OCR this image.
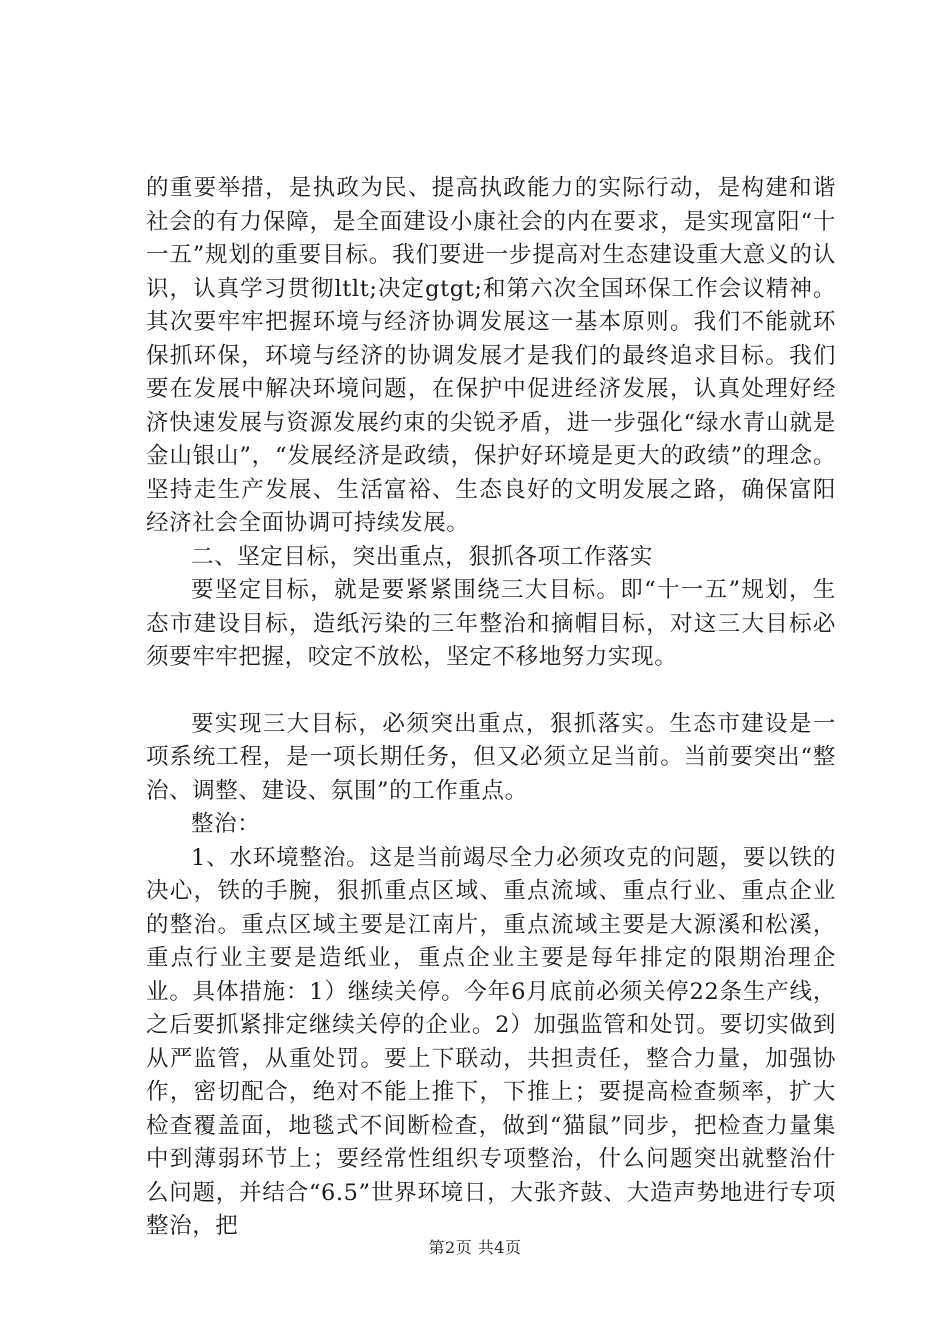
的重要举措，是执政为民、提高执政能力的实际行动，是构建和谐社会的有力保障，是全面建设小康社会的内在要求，是实现富阳“十一五”规划的重要目标。我们要进一步提高对生态建设重大意义的认识，认真学习贯彻ltlt;决定gtgt;和第六次全国环保工作会议精神。其次要牢牢把握环境与经济协调发展这一基本原则。我们不能就环保抓环保，环境与经济的协调发展才是我们的最终追求目标。我们要在发展中解决环境问题，在保护中促进经济发展，认真处理好经济快速发展与资源发展约束的尖锐矛盾，进一步强化“绿水青山就是金山银山”，“发展经济是政绩，保护好环境是更大的政绩”的理念。坚持走生产发展、生活富裕、生态良好的文明发展之路，确保富阳经济社会全面协调可持续发展。

二、坚定目标，突出重点，狠抓各项工作落实

要坚定目标，就是要紧紧围绕三大目标。即“十一五”规划，生态市建设目标，造纸污染的三年整治和摘帽目标，对这三大目标必须要牢牢把握，咬定不放松，坚定不移地努力实现。

要实现三大目标，必须突出重点，狠抓落实。生态市建设是一项系统工程，是一项长期任务，但又必须立足当前。当前要突出“整治、调整、建设、氛围”的工作重点。

整治：

1、水环境整治。这是当前竭尽全力必须攻克的问题，要以铁的决心，铁的手腕，狠抓重点区域、重点流域、重点行业、重点企业的整治。重点区域主要是江南片，重点流域主要是大源溪和松溪，重点行业主要是造纸业，重点企业主要是每年排定的限期治理企业。具体措施：1）继续关停。今年6月底前必须关停22条生产线，之后要抓紧排定继续关停的企业。2）加强监管和处罚。要切实做到从严监管，从重处罚。要上下联动，共担责任，整合力量，加强协作，密切配合，绝对不能上推下，下推上；要提高检查频率，扩大检查覆盖面，地毯式不间断检查，做到“猫鼠”同步，把检查力量集中到薄弱环节上；要经常性组织专项整治，什么问题突出就整治什么问题，并结合“6.5”世界环境日，大张齐鼓、大造声势地进行专项整治，把

第2页 共4页
